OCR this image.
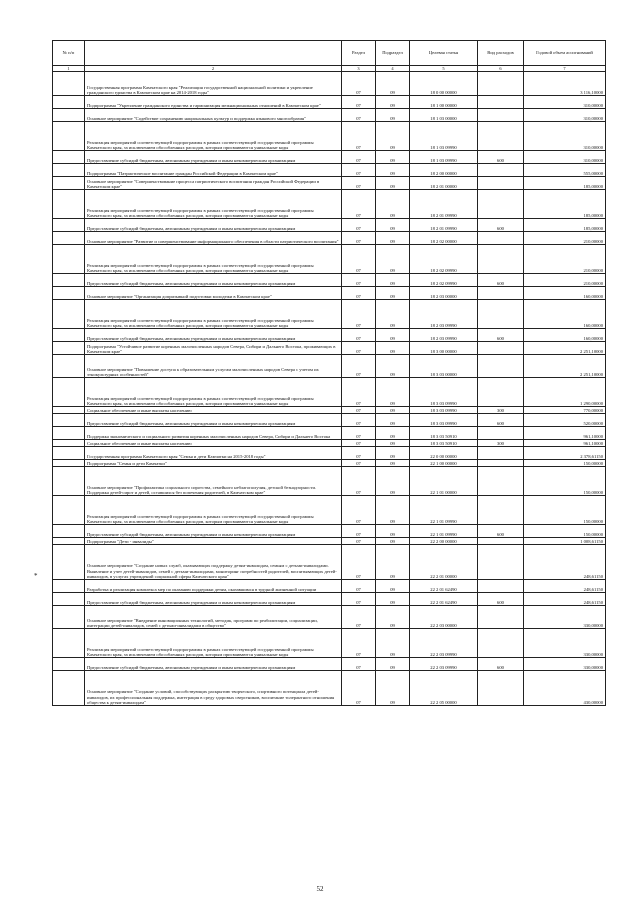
№ п/п		Раздел	Подраздел	Целевая статья	Вид расходов	Годовой объем ассигнований
1	2	3	4	5	6	7
	Государственная программа Камчатского края "Реализация государственной национальной политики и укрепление гражданского единства в Камчатском крае на 2014-2018 годы"	07	09	18 0 00 00000		3 116,10000
	Подпрограмма "Укрепление гражданского единства и гармонизация межнациональных отношений в Камчатском крае"	07	09	18 1 00 00000		310,00000
	Основное мероприятие "Содействие сохранению национальных культур и поддержка языкового многообразия"	07	09	18 1 03 00000		310,00000
	Реализация мероприятий соответствующей подпрограммы в рамках соответствующей государственной программы Камчатского края, за исключением обособленных расходов, которым присваиваются уникальные коды	07	09	18 1 03 09990		310,00000
	Предоставление субсидий бюджетным, автономным учреждениям и иным некоммерческим организациям	07	09	18 1 03 09990	600	310,00000
	Подпрограмма "Патриотическое воспитание граждан Российской Федерации в Камчатском крае"	07	09	18 2 00 00000		555,00000
	Основное мероприятие "Совершенствование процесса патриотического воспитания граждан Российской Федерации в Камчатском крае"	07	09	18 2 01 00000		185,00000
	Реализация мероприятий соответствующей подпрограммы в рамках соответствующей государственной программы Камчатского края, за исключением обособленных расходов, которым присваиваются уникальные коды	07	09	18 2 01 09990		185,00000
	Предоставление субсидий бюджетным, автономным учреждениям и иным некоммерческим организациям	07	09	18 2 01 09990	600	185,00000
	Основное мероприятие "Развитие и совершенствование информационного обеспечения в области патриотического воспитания"	07	09	18 2 02 00000		210,00000
	Реализация мероприятий соответствующей подпрограммы в рамках соответствующей государственной программы Камчатского края, за исключением обособленных расходов, которым присваиваются уникальные коды	07	09	18 2 02 09990		210,00000
	Предоставление субсидий бюджетным, автономным учреждениям и иным некоммерческим организациям	07	09	18 2 02 09990	600	210,00000
	Основное мероприятие "Организация допризывной подготовки молодежи в Камчатском крае"	07	09	18 2 03 00000		160,00000
	Реализация мероприятий соответствующей подпрограммы в рамках соответствующей государственной программы Камчатского края, за исключением обособленных расходов, которым присваиваются уникальные коды	07	09	18 2 03 09990		160,00000
	Предоставление субсидий бюджетным, автономным учреждениям и иным некоммерческим организациям	07	09	18 2 03 09990	600	160,00000
	Подпрограмма "Устойчивое развитие коренных малочисленных народов Севера, Сибири и Дальнего Востока, проживающих в Камчатском крае"	07	09	18 3 00 00000		2 251,10000
	Основное мероприятие "Повышение доступа к образовательным услугам малочисленных народов Севера с учетом их этнокультурных особенностей"	07	09	18 3 03 00000		2 251,10000
	Реализация мероприятий соответствующей подпрограммы в рамках соответствующей государственной программы Камчатского края, за исключением обособленных расходов, которым присваиваются уникальные коды	07	09	18 3 03 09990		1 290,00000
	Социальное обеспечение и иные выплаты населению	07	09	18 3 03 09990	300	770,00000
	Предоставление субсидий бюджетным, автономным учреждениям и иным некоммерческим организациям	07	09	18 3 03 09990	600	520,00000
	Поддержка экономического и социального развития коренных малочисленных народов Севера, Сибири и Дальнего Востока	07	09	18 3 03 50910		961,10000
	Социальное обеспечение и иные выплаты населению	07	09	18 3 03 50910	300	961,10000
	Государственная программа Камчатского края "Семья и дети Камчатки на 2015-2018 годы"	07	09	22 0 00 00000		2 378,61150
	Подпрограмма "Семья и дети Камчатки"	07	09	22 1 00 00000		150,00000
	Основное мероприятие "Профилактика социального сиротства, семейного неблагополучия, детской безнадзорности. Поддержка детей-сирот и детей, оставшихся без попечения родителей, в Камчатском крае"	07	09	22 1 01 00000		150,00000
	Реализация мероприятий соответствующей подпрограммы в рамках соответствующей государственной программы Камчатского края, за исключением обособленных расходов, которым присваиваются уникальные коды	07	09	22 1 01 09990		150,00000
	Предоставление субсидий бюджетным, автономным учреждениям и иным некоммерческим организациям	07	09	22 1 01 09990	600	150,00000
	Подпрограмма "Дети - инвалиды"	07	09	22 2 00 00000		1 008,61150
	Основное мероприятие "Создание новых служб, оказывающих поддержку детям-инвалидам, семьям с детьми-инвалидами. Выявление и учет детей-инвалидов, семей с детьми-инвалидами, мониторинг потребностей родителей, воспитывающих детей-инвалидов, в услугах учреждений социальной сферы Камчатского края"	07	09	22 2 01 00000		248,61150
	Разработка и реализация комплекса мер по оказанию поддержки детям, оказавшимся в трудной жизненной ситуации	07	09	22 2 01 62490		248,61150
	Предоставление субсидий бюджетным, автономным учреждениям и иным некоммерческим организациям	07	09	22 2 01 62490	600	248,61150
	Основное мероприятие "Внедрение инновационных технологий, методик, программ по реабилитации, социализации, интеграции детей-инвалидов, семей с детьми-инвалидами в общество"	07	09	22 2 03 00000		330,00000
	Реализация мероприятий соответствующей подпрограммы в рамках соответствующей государственной программы Камчатского края, за исключением обособленных расходов, которым присваиваются уникальные коды	07	09	22 2 03 09990		330,00000
	Предоставление субсидий бюджетным, автономным учреждениям и иным некоммерческим организациям	07	09	22 2 03 09990	600	330,00000
	Основное мероприятие "Создание условий, способствующих раскрытию творческого, спортивного потенциала детей-инвалидов, их профессиональная поддержка, интеграция в среду здоровых сверстников, воспитание толерантного отношения общества к детям-инвалидам"	07	09	22 2 05 00000		430,00000
*
52
